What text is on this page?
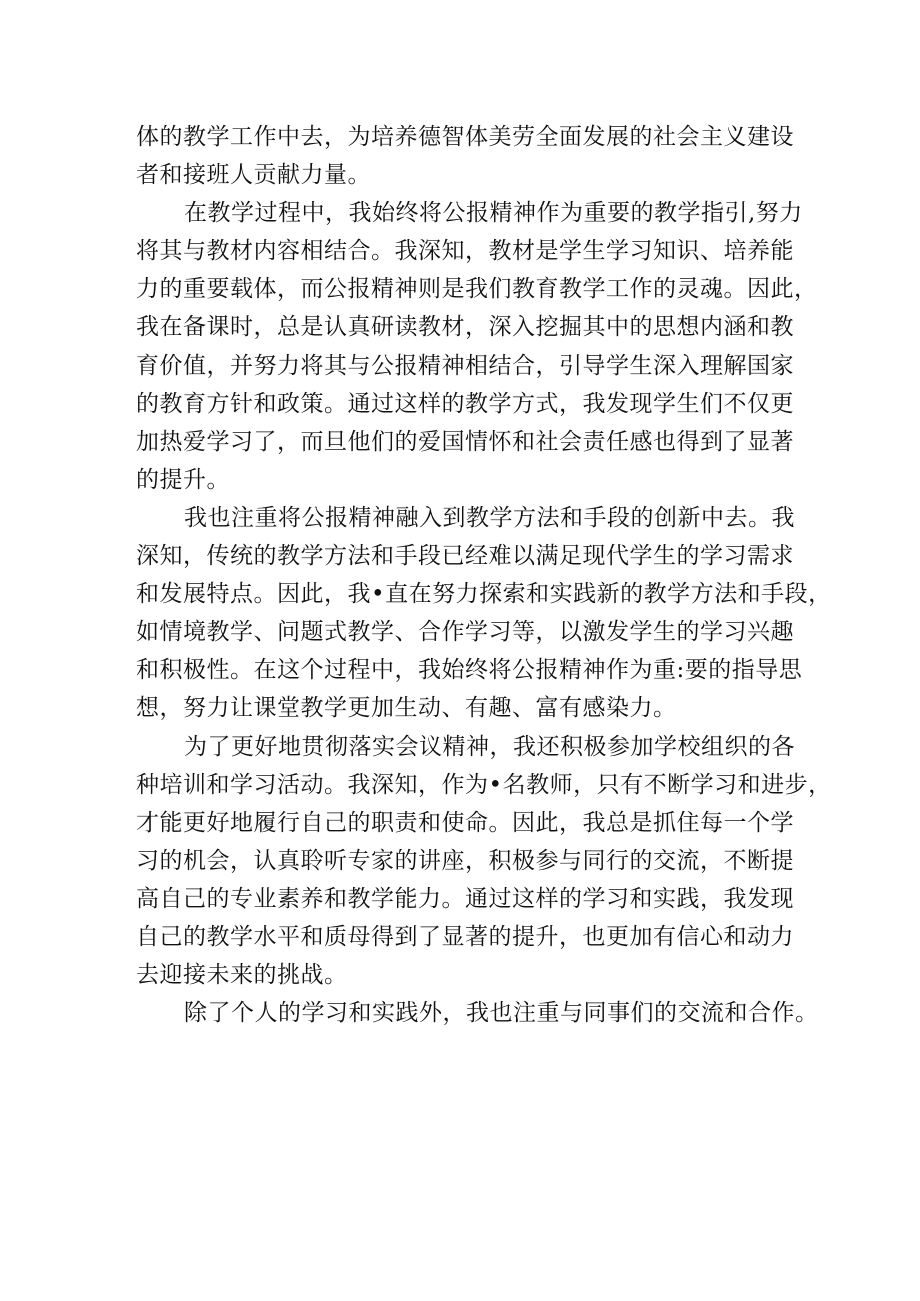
体的教学工作中去，为培养德智体美劳全面发展的社会主义建设
者和接班人贡献力量。
在教学过程中，我始终将公报精神作为重要的教学指引,努力
将其与教材内容相结合。我深知，教材是学生学习知识、培养能
力的重要载体，而公报精神则是我们教育教学工作的灵魂。因此，
我在备课时，总是认真研读教材，深入挖掘其中的思想内涵和教
育价值，并努力将其与公报精神相结合，引导学生深入理解国家
的教育方针和政策。通过这样的教学方式，我发现学生们不仅更
加热爱学习了，而旦他们的爱国情怀和社会责任感也得到了显著
的提升。
我也注重将公报精神融入到教学方法和手段的创新中去。我
深知，传统的教学方法和手段已经难以满足现代学生的学习需求
和发展特点。因此，我•直在努力探索和实践新的教学方法和手段，
如情境教学、问题式教学、合作学习等，以激发学生的学习兴趣
和积极性。在这个过程中，我始终将公报精神作为重:要的指导思
想，努力让课堂教学更加生动、有趣、富有感染力。
为了更好地贯彻落实会议精神，我还积极参加学校组织的各
种培训和学习活动。我深知，作为•名教师，只有不断学习和进步，
才能更好地履行自己的职责和使命。因此，我总是抓住每一个学
习的机会，认真聆听专家的讲座，积极参与同行的交流，不断提
高自己的专业素养和教学能力。通过这样的学习和实践，我发现
自己的教学水平和质母得到了显著的提升，也更加有信心和动力
去迎接未来的挑战。
除了个人的学习和实践外，我也注重与同事们的交流和合作。
